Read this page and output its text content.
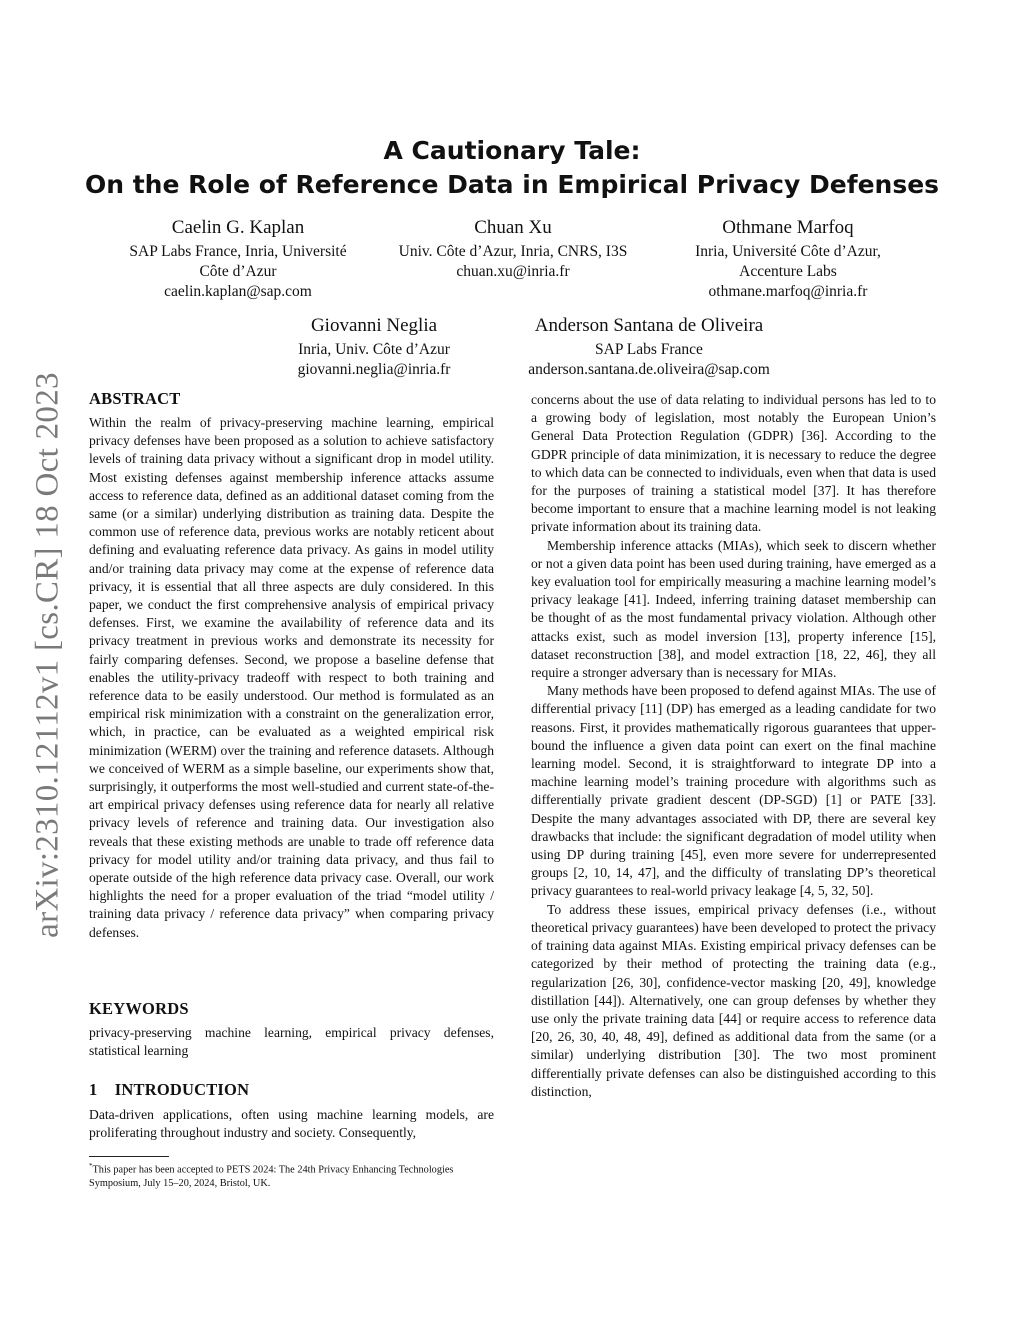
arXiv:2310.12112v1 [cs.CR] 18 Oct 2023
A Cautionary Tale:
On the Role of Reference Data in Empirical Privacy Defenses
Caelin G. Kaplan
SAP Labs France, Inria, Université
Côte d’Azur
caelin.kaplan@sap.com
Chuan Xu
Univ. Côte d’Azur, Inria, CNRS, I3S
chuan.xu@inria.fr
Othmane Marfoq
Inria, Université Côte d’Azur,
Accenture Labs
othmane.marfoq@inria.fr
Giovanni Neglia
Inria, Univ. Côte d’Azur
giovanni.neglia@inria.fr
Anderson Santana de Oliveira
SAP Labs France
anderson.santana.de.oliveira@sap.com
ABSTRACT

Within the realm of privacy-preserving machine learning, empirical privacy defenses have been proposed as a solution to achieve satisfactory levels of training data privacy without a significant drop in model utility. Most existing defenses against membership inference attacks assume access to reference data, defined as an additional dataset coming from the same (or a similar) underlying distribution as training data. Despite the common use of reference data, previous works are notably reticent about defining and evaluating reference data privacy. As gains in model utility and/or training data privacy may come at the expense of reference data privacy, it is essential that all three aspects are duly considered. In this paper, we conduct the first comprehensive analysis of empirical privacy defenses. First, we examine the availability of reference data and its privacy treatment in previous works and demonstrate its necessity for fairly comparing defenses. Second, we propose a baseline defense that enables the utility-privacy tradeoff with respect to both training and reference data to be easily understood. Our method is formulated as an empirical risk minimization with a constraint on the generalization error, which, in practice, can be evaluated as a weighted empirical risk minimization (WERM) over the training and reference datasets. Although we conceived of WERM as a simple baseline, our experiments show that, surprisingly, it outperforms the most well-studied and current state-of-the-art empirical privacy defenses using reference data for nearly all relative privacy levels of reference and training data. Our investigation also reveals that these existing methods are unable to trade off reference data privacy for model utility and/or training data privacy, and thus fail to operate outside of the high reference data privacy case. Overall, our work highlights the need for a proper evaluation of the triad “model utility / training data privacy / reference data privacy” when comparing privacy defenses.

KEYWORDS

privacy-preserving machine learning, empirical privacy defenses, statistical learning

1 INTRODUCTION

Data-driven applications, often using machine learning models, are proliferating throughout industry and society. Consequently,

*This paper has been accepted to PETS 2024: The 24th Privacy Enhancing Technologies Symposium, July 15–20, 2024, Bristol, UK.

concerns about the use of data relating to individual persons has led to to a growing body of legislation, most notably the European Union’s General Data Protection Regulation (GDPR) [36]. According to the GDPR principle of data minimization, it is necessary to reduce the degree to which data can be connected to individuals, even when that data is used for the purposes of training a statistical model [37]. It has therefore become important to ensure that a machine learning model is not leaking private information about its training data.

Membership inference attacks (MIAs), which seek to discern whether or not a given data point has been used during training, have emerged as a key evaluation tool for empirically measuring a machine learning model’s privacy leakage [41]. Indeed, inferring training dataset membership can be thought of as the most fundamental privacy violation. Although other attacks exist, such as model inversion [13], property inference [15], dataset reconstruction [38], and model extraction [18, 22, 46], they all require a stronger adversary than is necessary for MIAs.

Many methods have been proposed to defend against MIAs. The use of differential privacy [11] (DP) has emerged as a leading candidate for two reasons. First, it provides mathematically rigorous guarantees that upper-bound the influence a given data point can exert on the final machine learning model. Second, it is straightforward to integrate DP into a machine learning model’s training procedure with algorithms such as differentially private gradient descent (DP-SGD) [1] or PATE [33]. Despite the many advantages associated with DP, there are several key drawbacks that include: the significant degradation of model utility when using DP during training [45], even more severe for underrepresented groups [2, 10, 14, 47], and the difficulty of translating DP’s theoretical privacy guarantees to real-world privacy leakage [4, 5, 32, 50].

To address these issues, empirical privacy defenses (i.e., without theoretical privacy guarantees) have been developed to protect the privacy of training data against MIAs. Existing empirical privacy defenses can be categorized by their method of protecting the training data (e.g., regularization [26, 30], confidence-vector masking [20, 49], knowledge distillation [44]). Alternatively, one can group defenses by whether they use only the private training data [44] or require access to reference data [20, 26, 30, 40, 48, 49], defined as additional data from the same (or a similar) underlying distribution [30]. The two most prominent differentially private defenses can also be distinguished according to this distinction,
